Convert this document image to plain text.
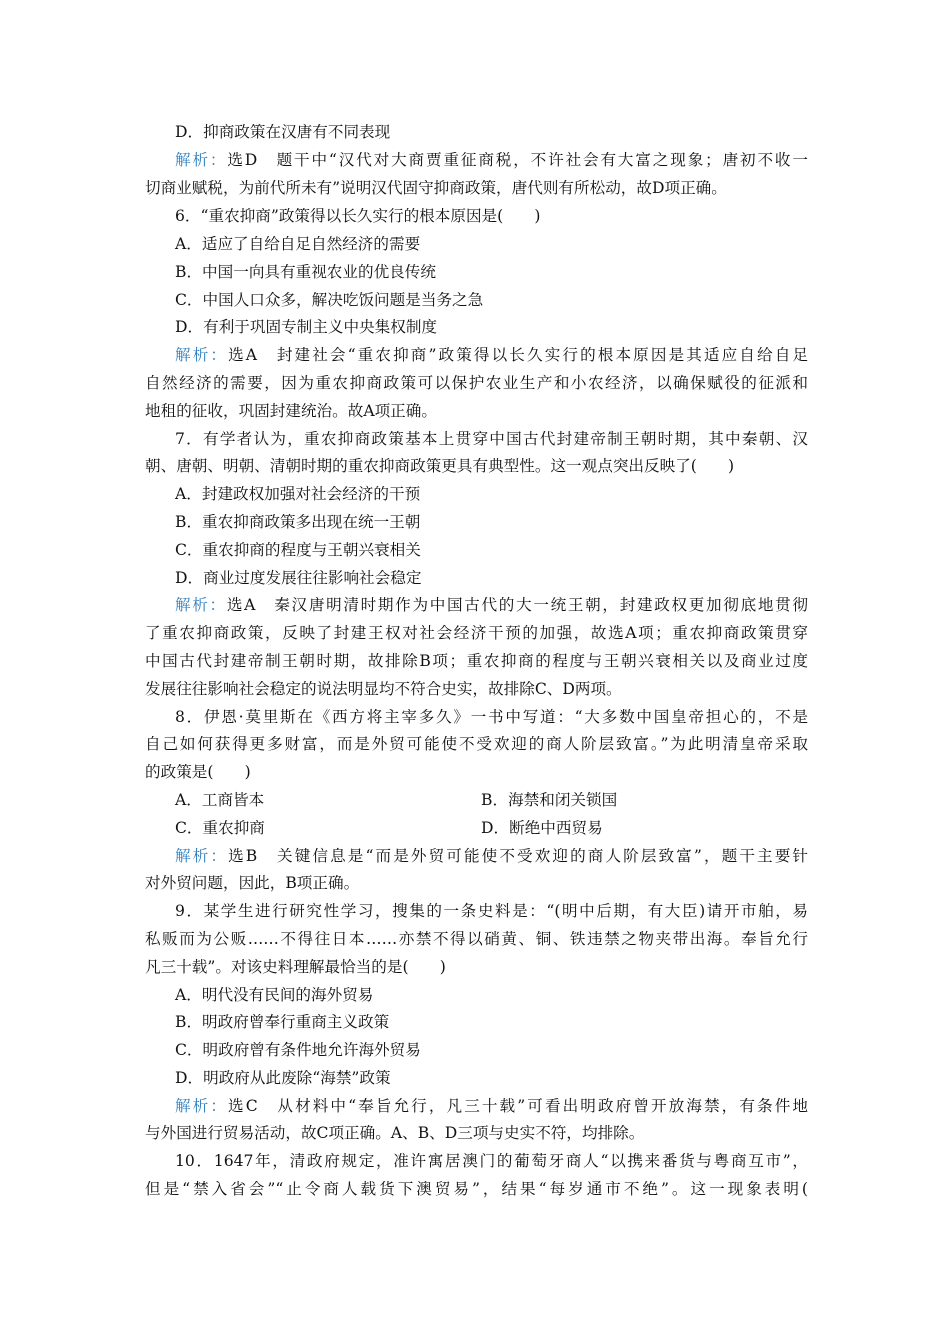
D．抑商政策在汉唐有不同表现
解析：选D　题干中“汉代对大商贾重征商税，不许社会有大富之现象；唐初不收一
切商业赋税，为前代所未有”说明汉代固守抑商政策，唐代则有所松动，故D项正确。
6．“重农抑商”政策得以长久实行的根本原因是(　　)
A．适应了自给自足自然经济的需要
B．中国一向具有重视农业的优良传统
C．中国人口众多，解决吃饭问题是当务之急
D．有利于巩固专制主义中央集权制度
解析：选A　封建社会“重农抑商”政策得以长久实行的根本原因是其适应自给自足
自然经济的需要，因为重农抑商政策可以保护农业生产和小农经济，以确保赋役的征派和
地租的征收，巩固封建统治。故A项正确。
7．有学者认为，重农抑商政策基本上贯穿中国古代封建帝制王朝时期，其中秦朝、汉
朝、唐朝、明朝、清朝时期的重农抑商政策更具有典型性。这一观点突出反映了(　　)
A．封建政权加强对社会经济的干预
B．重农抑商政策多出现在统一王朝
C．重农抑商的程度与王朝兴衰相关
D．商业过度发展往往影响社会稳定
解析：选A　秦汉唐明清时期作为中国古代的大一统王朝，封建政权更加彻底地贯彻
了重农抑商政策，反映了封建王权对社会经济干预的加强，故选A项；重农抑商政策贯穿
中国古代封建帝制王朝时期，故排除B项；重农抑商的程度与王朝兴衰相关以及商业过度
发展往往影响社会稳定的说法明显均不符合史实，故排除C、D两项。
8．伊恩·莫里斯在《西方将主宰多久》一书中写道：“大多数中国皇帝担心的，不是
自己如何获得更多财富，而是外贸可能使不受欢迎的商人阶层致富。”为此明清皇帝采取
的政策是(　　)
A．工商皆本	B．海禁和闭关锁国
C．重农抑商	D．断绝中西贸易
解析：选B　关键信息是“而是外贸可能使不受欢迎的商人阶层致富”，题干主要针
对外贸问题，因此，B项正确。
9．某学生进行研究性学习，搜集的一条史料是：“(明中后期，有大臣)请开市舶，易
私贩而为公贩……不得往日本……亦禁不得以硝黄、铜、铁违禁之物夹带出海。奉旨允行
凡三十载”。对该史料理解最恰当的是(　　)
A．明代没有民间的海外贸易
B．明政府曾奉行重商主义政策
C．明政府曾有条件地允许海外贸易
D．明政府从此废除“海禁”政策
解析：选C　从材料中“奉旨允行，凡三十载”可看出明政府曾开放海禁，有条件地
与外国进行贸易活动，故C项正确。A、B、D三项与史实不符，均排除。
10．1647年，清政府规定，准许寓居澳门的葡萄牙商人“以携来番货与粤商互市”，
但是“禁入省会”“止令商人载货下澳贸易”，结果“每岁通市不绝”。这一现象表明(
